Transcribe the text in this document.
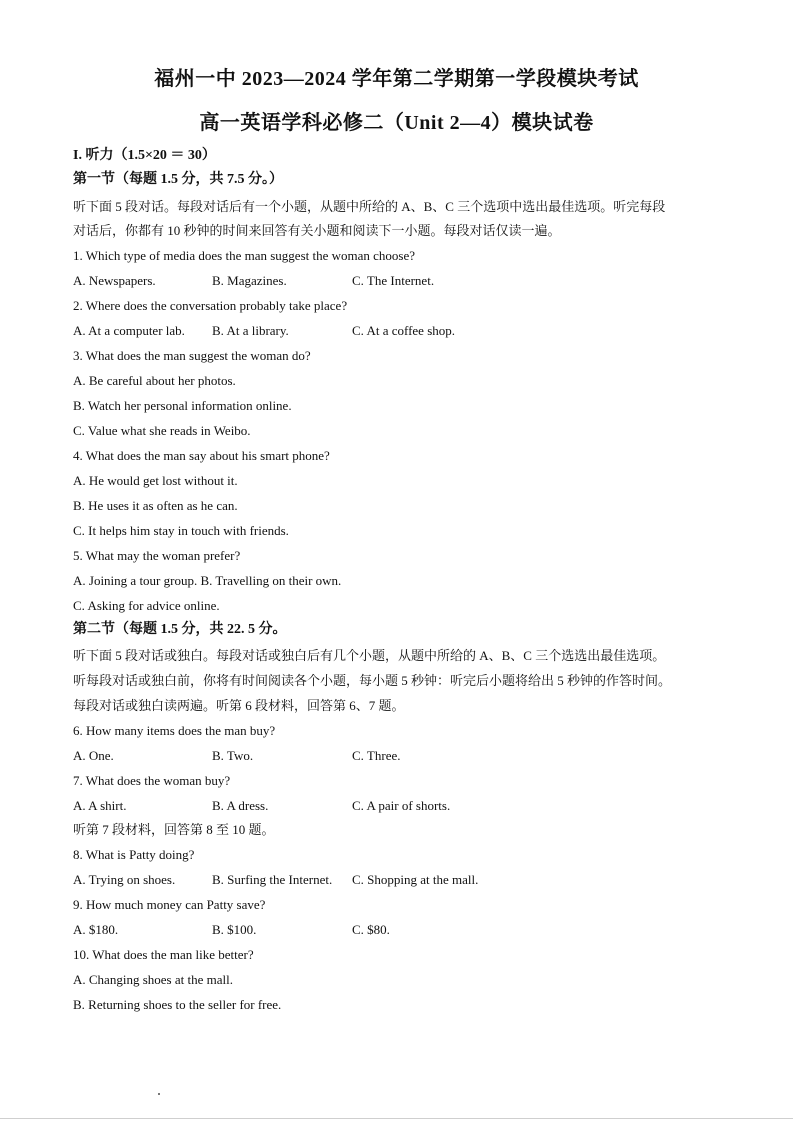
福州一中 2023—2024 学年第二学期第一学段模块考试
高一英语学科必修二（Unit 2—4）模块试卷
I. 听力（1.5×20 ＝ 30）
第一节（每题 1.5 分，共 7.5 分。）
听下面 5 段对话。每段对话后有一个小题，从题中所给的 A、B、C 三个选项中选出最佳选项。听完每段
对话后，你都有 10 秒钟的时间来回答有关小题和阅读下一小题。每段对话仅读一遍。
1. Which type of media does the man suggest the woman choose?
A. Newspapers.	B. Magazines.	C. The Internet.
2. Where does the conversation probably take place?
A. At a computer lab. B. At a library.	C. At a coffee shop.
3. What does the man suggest the woman do?
A. Be careful about her photos.
B. Watch her personal information online.
C. Value what she reads in Weibo.
4. What does the man say about his smart phone?
A. He would get lost without it.
B. He uses it as often as he can.
C. It helps him stay in touch with friends.
5. What may the woman prefer?
A. Joining a tour group. B. Travelling on their own.
C. Asking for advice online.
第二节（每题 1.5 分，共 22. 5 分。
听下面 5 段对话或独白。每段对话或独白后有几个小题，从题中所给的 A、B、C 三个选选出最佳选项。
听每段对话或独白前，你将有时间阅读各个小题，每小题 5 秒钟：听完后小题将给出 5 秒钟的作答时间。
每段对话或独白读两遍。听第 6 段材料，回答第 6、7 题。
6. How many items does the man buy?
A. One.	B. Two.	C. Three.
7. What does the woman buy?
A. A shirt.	B. A dress.	C. A pair of shorts.
听第 7 段材料，回答第 8 至 10 题。
8. What is Patty doing?
A. Trying on shoes.	B. Surfing the Internet. C. Shopping at the mall.
9. How much money can Patty save?
A. $180.	B. $100.	C. $80.
10. What does the man like better?
A. Changing shoes at the mall.
B. Returning shoes to the seller for free.
